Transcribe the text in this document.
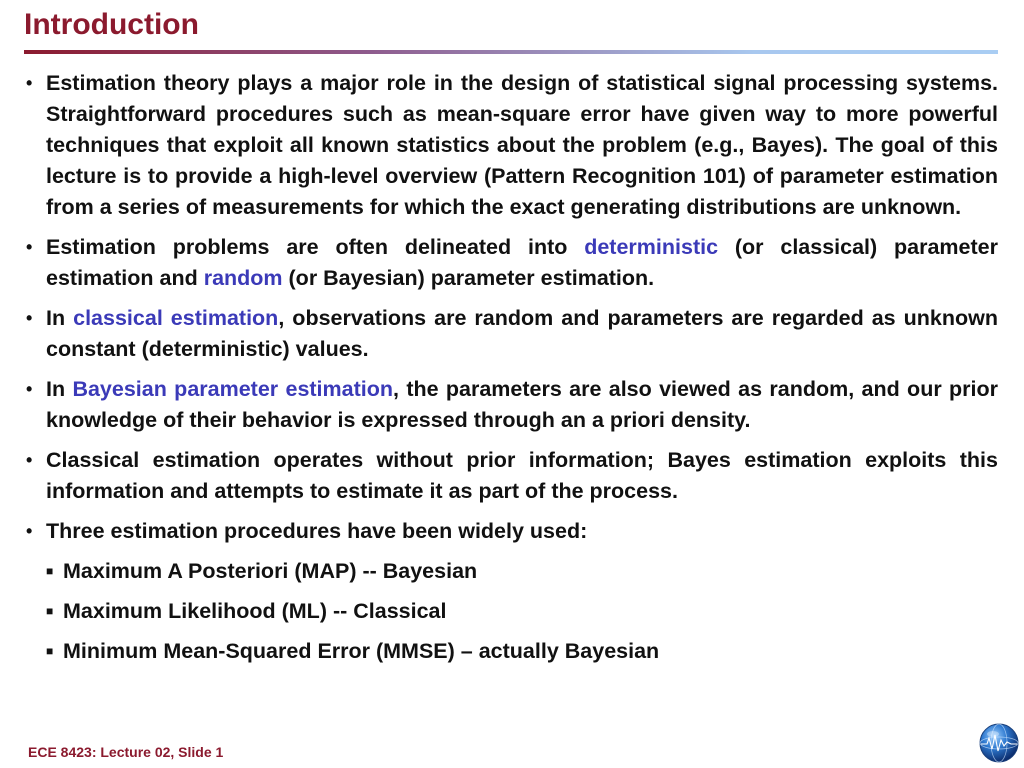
Introduction
• Estimation theory plays a major role in the design of statistical signal processing systems. Straightforward procedures such as mean-square error have given way to more powerful techniques that exploit all known statistics about the problem (e.g., Bayes). The goal of this lecture is to provide a high-level overview (Pattern Recognition 101) of parameter estimation from a series of measurements for which the exact generating distributions are unknown.
• Estimation problems are often delineated into deterministic (or classical) parameter estimation and random (or Bayesian) parameter estimation.
• In classical estimation, observations are random and parameters are regarded as unknown constant (deterministic) values.
• In Bayesian parameter estimation, the parameters are also viewed as random, and our prior knowledge of their behavior is expressed through an a priori density.
• Classical estimation operates without prior information; Bayes estimation exploits this information and attempts to estimate it as part of the process.
• Three estimation procedures have been widely used:
■ Maximum A Posteriori (MAP) -- Bayesian
■ Maximum Likelihood (ML) -- Classical
■ Minimum Mean-Squared Error (MMSE) – actually Bayesian
ECE 8423: Lecture 02, Slide 1
